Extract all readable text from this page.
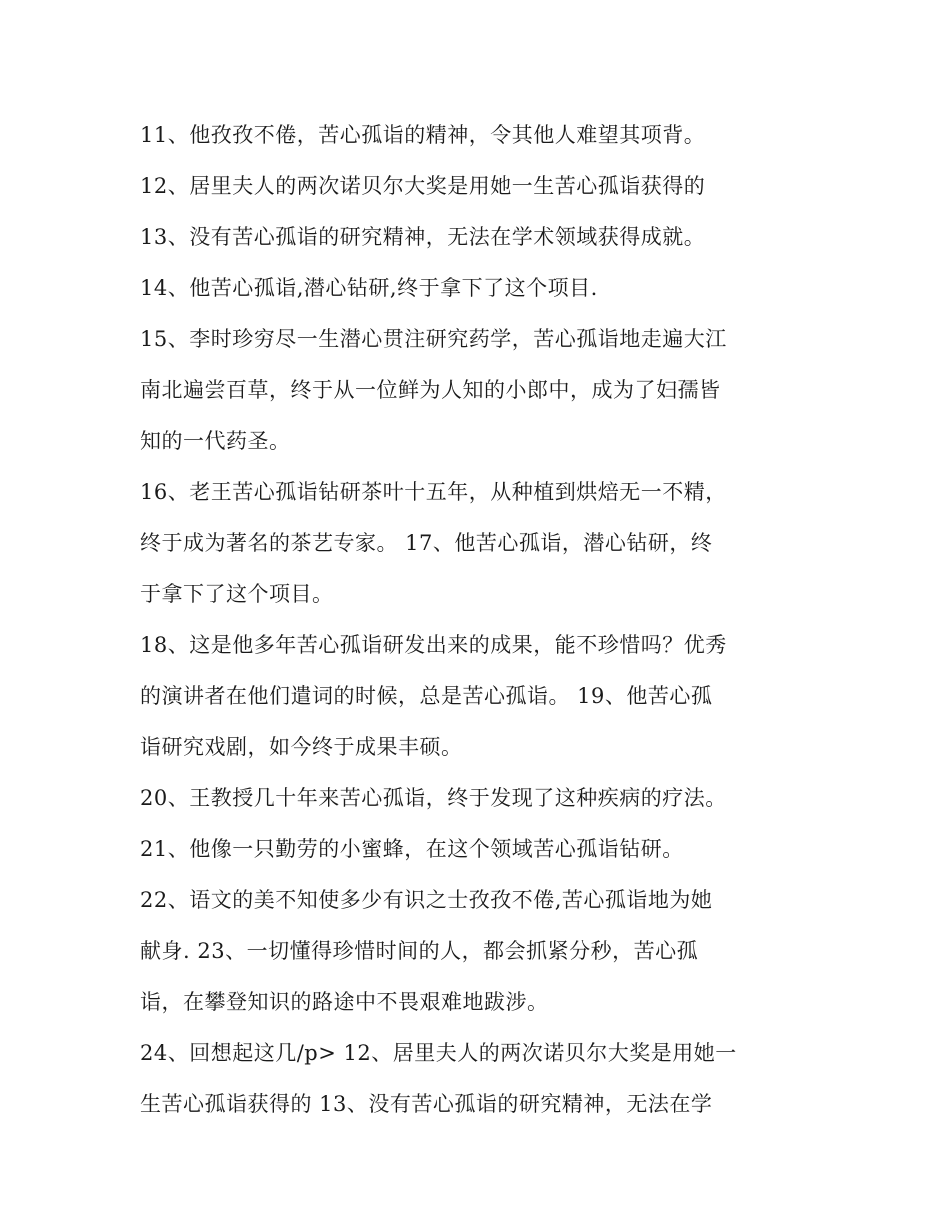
11、他孜孜不倦，苦心孤诣的精神，令其他人难望其项背。
12、居里夫人的两次诺贝尔大奖是用她一生苦心孤诣获得的
13、没有苦心孤诣的研究精神，无法在学术领域获得成就。
14、他苦心孤诣,潜心钻研,终于拿下了这个项目.
15、李时珍穷尽一生潜心贯注研究药学，苦心孤诣地走遍大江
南北遍尝百草，终于从一位鲜为人知的小郎中，成为了妇孺皆
知的一代药圣。
16、老王苦心孤诣钻研茶叶十五年，从种植到烘焙无一不精，
终于成为著名的茶艺专家。 17、他苦心孤诣，潜心钻研，终
于拿下了这个项目。
18、这是他多年苦心孤诣研发出来的成果，能不珍惜吗？优秀
的演讲者在他们遣词的时候，总是苦心孤诣。 19、他苦心孤
诣研究戏剧，如今终于成果丰硕。
20、王教授几十年来苦心孤诣，终于发现了这种疾病的疗法。
21、他像一只勤劳的小蜜蜂，在这个领域苦心孤诣钻研。
22、语文的美不知使多少有识之士孜孜不倦,苦心孤诣地为她
献身. 23、一切懂得珍惜时间的人，都会抓紧分秒，苦心孤
诣，在攀登知识的路途中不畏艰难地跋涉。
24、回想起这几/p> 12、居里夫人的两次诺贝尔大奖是用她一
生苦心孤诣获得的 13、没有苦心孤诣的研究精神，无法在学
